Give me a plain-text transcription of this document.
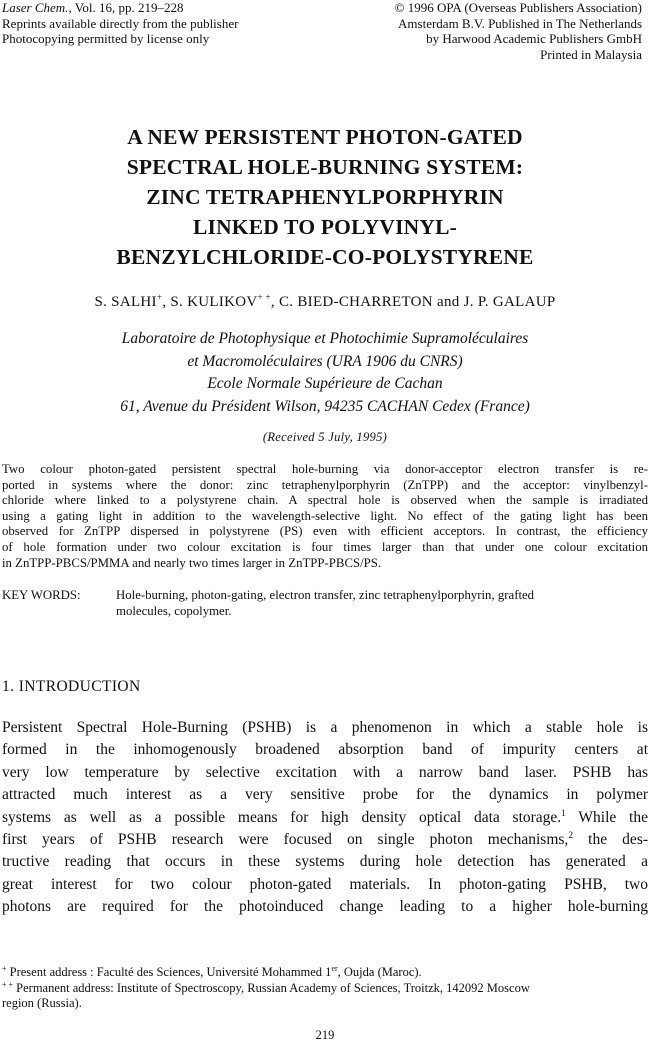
Laser Chem., Vol. 16, pp. 219–228
Reprints available directly from the publisher
Photocopying permitted by license only
© 1996 OPA (Overseas Publishers Association)
Amsterdam B.V. Published in The Netherlands
by Harwood Academic Publishers GmbH
Printed in Malaysia
A NEW PERSISTENT PHOTON-GATED
SPECTRAL HOLE-BURNING SYSTEM:
ZINC TETRAPHENYLPORPHYRIN
LINKED TO POLYVINYL-
BENZYLCHLORIDE-CO-POLYSTYRENE
S. SALHI+, S. KULIKOV+ +, C. BIED-CHARRETON and J. P. GALAUP
Laboratoire de Photophysique et Photochimie Supramoléculaires
et Macromoléculaires (URA 1906 du CNRS)
Ecole Normale Supérieure de Cachan
61, Avenue du Président Wilson, 94235 CACHAN Cedex (France)
(Received 5 July, 1995)
Two colour photon-gated persistent spectral hole-burning via donor-acceptor electron transfer is re-
ported in systems where the donor: zinc tetraphenylporphyrin (ZnTPP) and the acceptor: vinylbenzyl-
chloride where linked to a polystyrene chain. A spectral hole is observed when the sample is irradiated
using a gating light in addition to the wavelength-selective light. No effect of the gating light has been
observed for ZnTPP dispersed in polystyrene (PS) even with efficient acceptors. In contrast, the efficiency
of hole formation under two colour excitation is four times larger than that under one colour excitation
in ZnTPP-PBCS/PMMA and nearly two times larger in ZnTPP-PBCS/PS.
KEY WORDS:	Hole-burning, photon-gating, electron transfer, zinc tetraphenylporphyrin, grafted
molecules, copolymer.
1. INTRODUCTION
Persistent Spectral Hole-Burning (PSHB) is a phenomenon in which a stable hole is
formed in the inhomogenously broadened absorption band of impurity centers at
very low temperature by selective excitation with a narrow band laser. PSHB has
attracted much interest as a very sensitive probe for the dynamics in polymer
systems as well as a possible means for high density optical data storage.$^1$ While the
first years of PSHB research were focused on single photon mechanisms,$^2$ the des-
tructive reading that occurs in these systems during hole detection has generated a
great interest for two colour photon-gated materials. In photon-gating PSHB, two
photons are required for the photoinduced change leading to a higher hole-burning
+ Present address : Faculté des Sciences, Université Mohammed 1er, Oujda (Maroc).
+ + Permanent address: Institute of Spectroscopy, Russian Academy of Sciences, Troitzk, 142092 Moscow
region (Russia).
219
